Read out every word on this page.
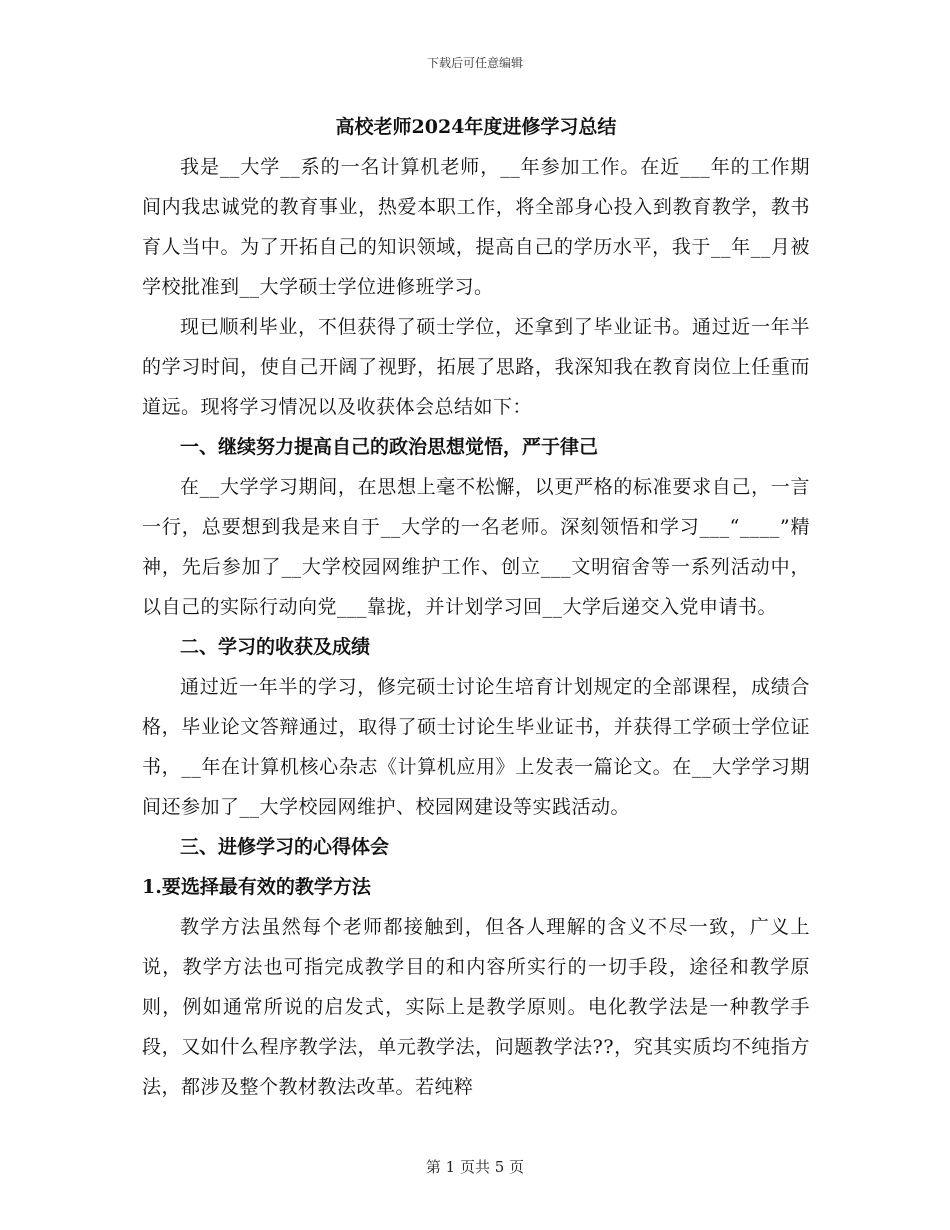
下载后可任意编辑

高校老师2024年度进修学习总结

我是__大学__系的一名计算机老师，__年参加工作。在近___年的工作期间内我忠诚党的教育事业，热爱本职工作，将全部身心投入到教育教学，教书育人当中。为了开拓自己的知识领域，提高自己的学历水平，我于__年__月被学校批准到__大学硕士学位进修班学习。

现已顺利毕业，不但获得了硕士学位，还拿到了毕业证书。通过近一年半的学习时间，使自己开阔了视野，拓展了思路，我深知我在教育岗位上任重而道远。现将学习情况以及收获体会总结如下：

一、继续努力提高自己的政治思想觉悟，严于律己

在__大学学习期间，在思想上毫不松懈，以更严格的标准要求自己，一言一行，总要想到我是来自于__大学的一名老师。深刻领悟和学习___“____”精神，先后参加了__大学校园网维护工作、创立___文明宿舍等一系列活动中，以自己的实际行动向党___靠拢，并计划学习回__大学后递交入党申请书。

二、学习的收获及成绩

通过近一年半的学习，修完硕士讨论生培育计划规定的全部课程，成绩合格，毕业论文答辩通过，取得了硕士讨论生毕业证书，并获得工学硕士学位证书，__年在计算机核心杂志《计算机应用》上发表一篇论文。在__大学学习期间还参加了__大学校园网维护、校园网建设等实践活动。

三、进修学习的心得体会

1.要选择最有效的教学方法

教学方法虽然每个老师都接触到，但各人理解的含义不尽一致，广义上说，教学方法也可指完成教学目的和内容所实行的一切手段，途径和教学原则，例如通常所说的启发式，实际上是教学原则。电化教学法是一种教学手段，又如什么程序教学法，单元教学法，问题教学法??，究其实质均不纯指方法，都涉及整个教材教法改革。若纯粹

第 1 页共 5 页
